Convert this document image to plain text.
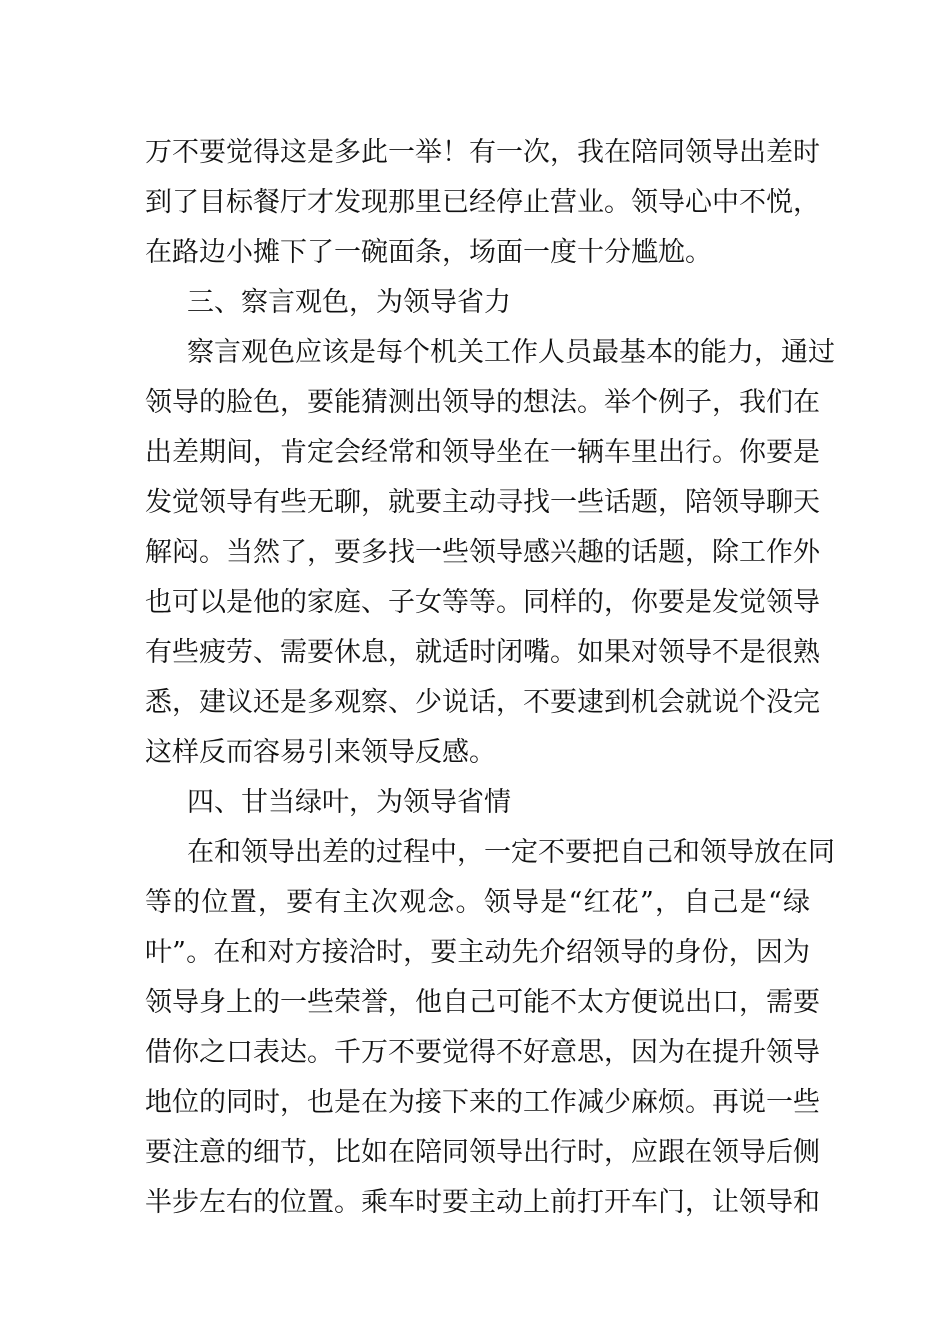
万不要觉得这是多此一举！有一次，我在陪同领导出差时
到了目标餐厅才发现那里已经停止营业。领导心中不悦，
在路边小摊下了一碗面条，场面一度十分尴尬。
三、察言观色，为领导省力
察言观色应该是每个机关工作人员最基本的能力，通过
领导的脸色，要能猜测出领导的想法。举个例子，我们在
出差期间，肯定会经常和领导坐在一辆车里出行。你要是
发觉领导有些无聊，就要主动寻找一些话题，陪领导聊天
解闷。当然了，要多找一些领导感兴趣的话题，除工作外
也可以是他的家庭、子女等等。同样的，你要是发觉领导
有些疲劳、需要休息，就适时闭嘴。如果对领导不是很熟
悉，建议还是多观察、少说话，不要逮到机会就说个没完
这样反而容易引来领导反感。
四、甘当绿叶，为领导省情
在和领导出差的过程中，一定不要把自己和领导放在同
等的位置，要有主次观念。领导是“红花”，自己是“绿
叶”。在和对方接洽时，要主动先介绍领导的身份，因为
领导身上的一些荣誉，他自己可能不太方便说出口，需要
借你之口表达。千万不要觉得不好意思，因为在提升领导
地位的同时，也是在为接下来的工作减少麻烦。再说一些
要注意的细节，比如在陪同领导出行时，应跟在领导后侧
半步左右的位置。乘车时要主动上前打开车门，让领导和
